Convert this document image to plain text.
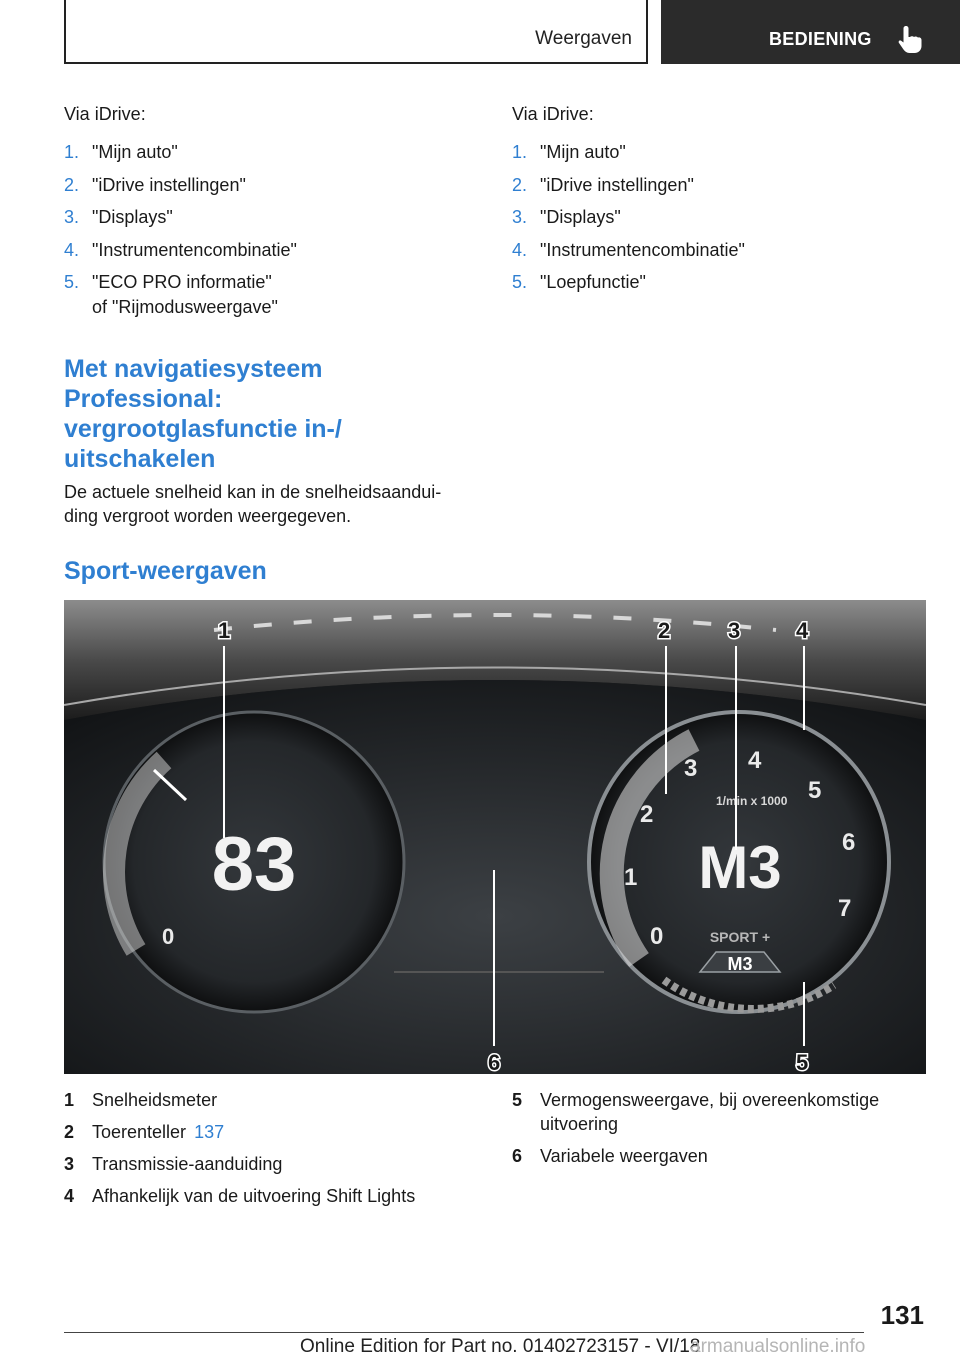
Weergaven	BEDIENING

Via iDrive:

1. "Mijn auto"
2. "iDrive instellingen"
3. "Displays"
4. "Instrumentencombinatie"
5. "ECO PRO informatie"
of "Rijmodusweergave"
Met navigatiesysteem
Professional:
vergrootglasfunctie in-/
uitschakelen
De actuele snelheid kan in de snelheidsaandui-
ding vergroot worden weergegeven.

Via iDrive:

1. "Mijn auto"
2. "iDrive instellingen"
3. "Displays"
4. "Instrumentencombinatie"
5. "Loepfunctie"
Sport-weergaven
83
0
1/min x 1000
0
1
2
3 4
5
6
7
M3
SPORT +
M3
1	2	3	4
5
6
1 Snelheidsmeter
2 Toerenteller 137
3 Transmissie-aanduiding
4 Afhankelijk van de uitvoering Shift Lights
5 Vermogensweergave, bij overeenkomstige
uitvoering
6 Variabele weergaven
131
Online Edition for Part no. 01402723157 - VI/18
armanualsonline.info
